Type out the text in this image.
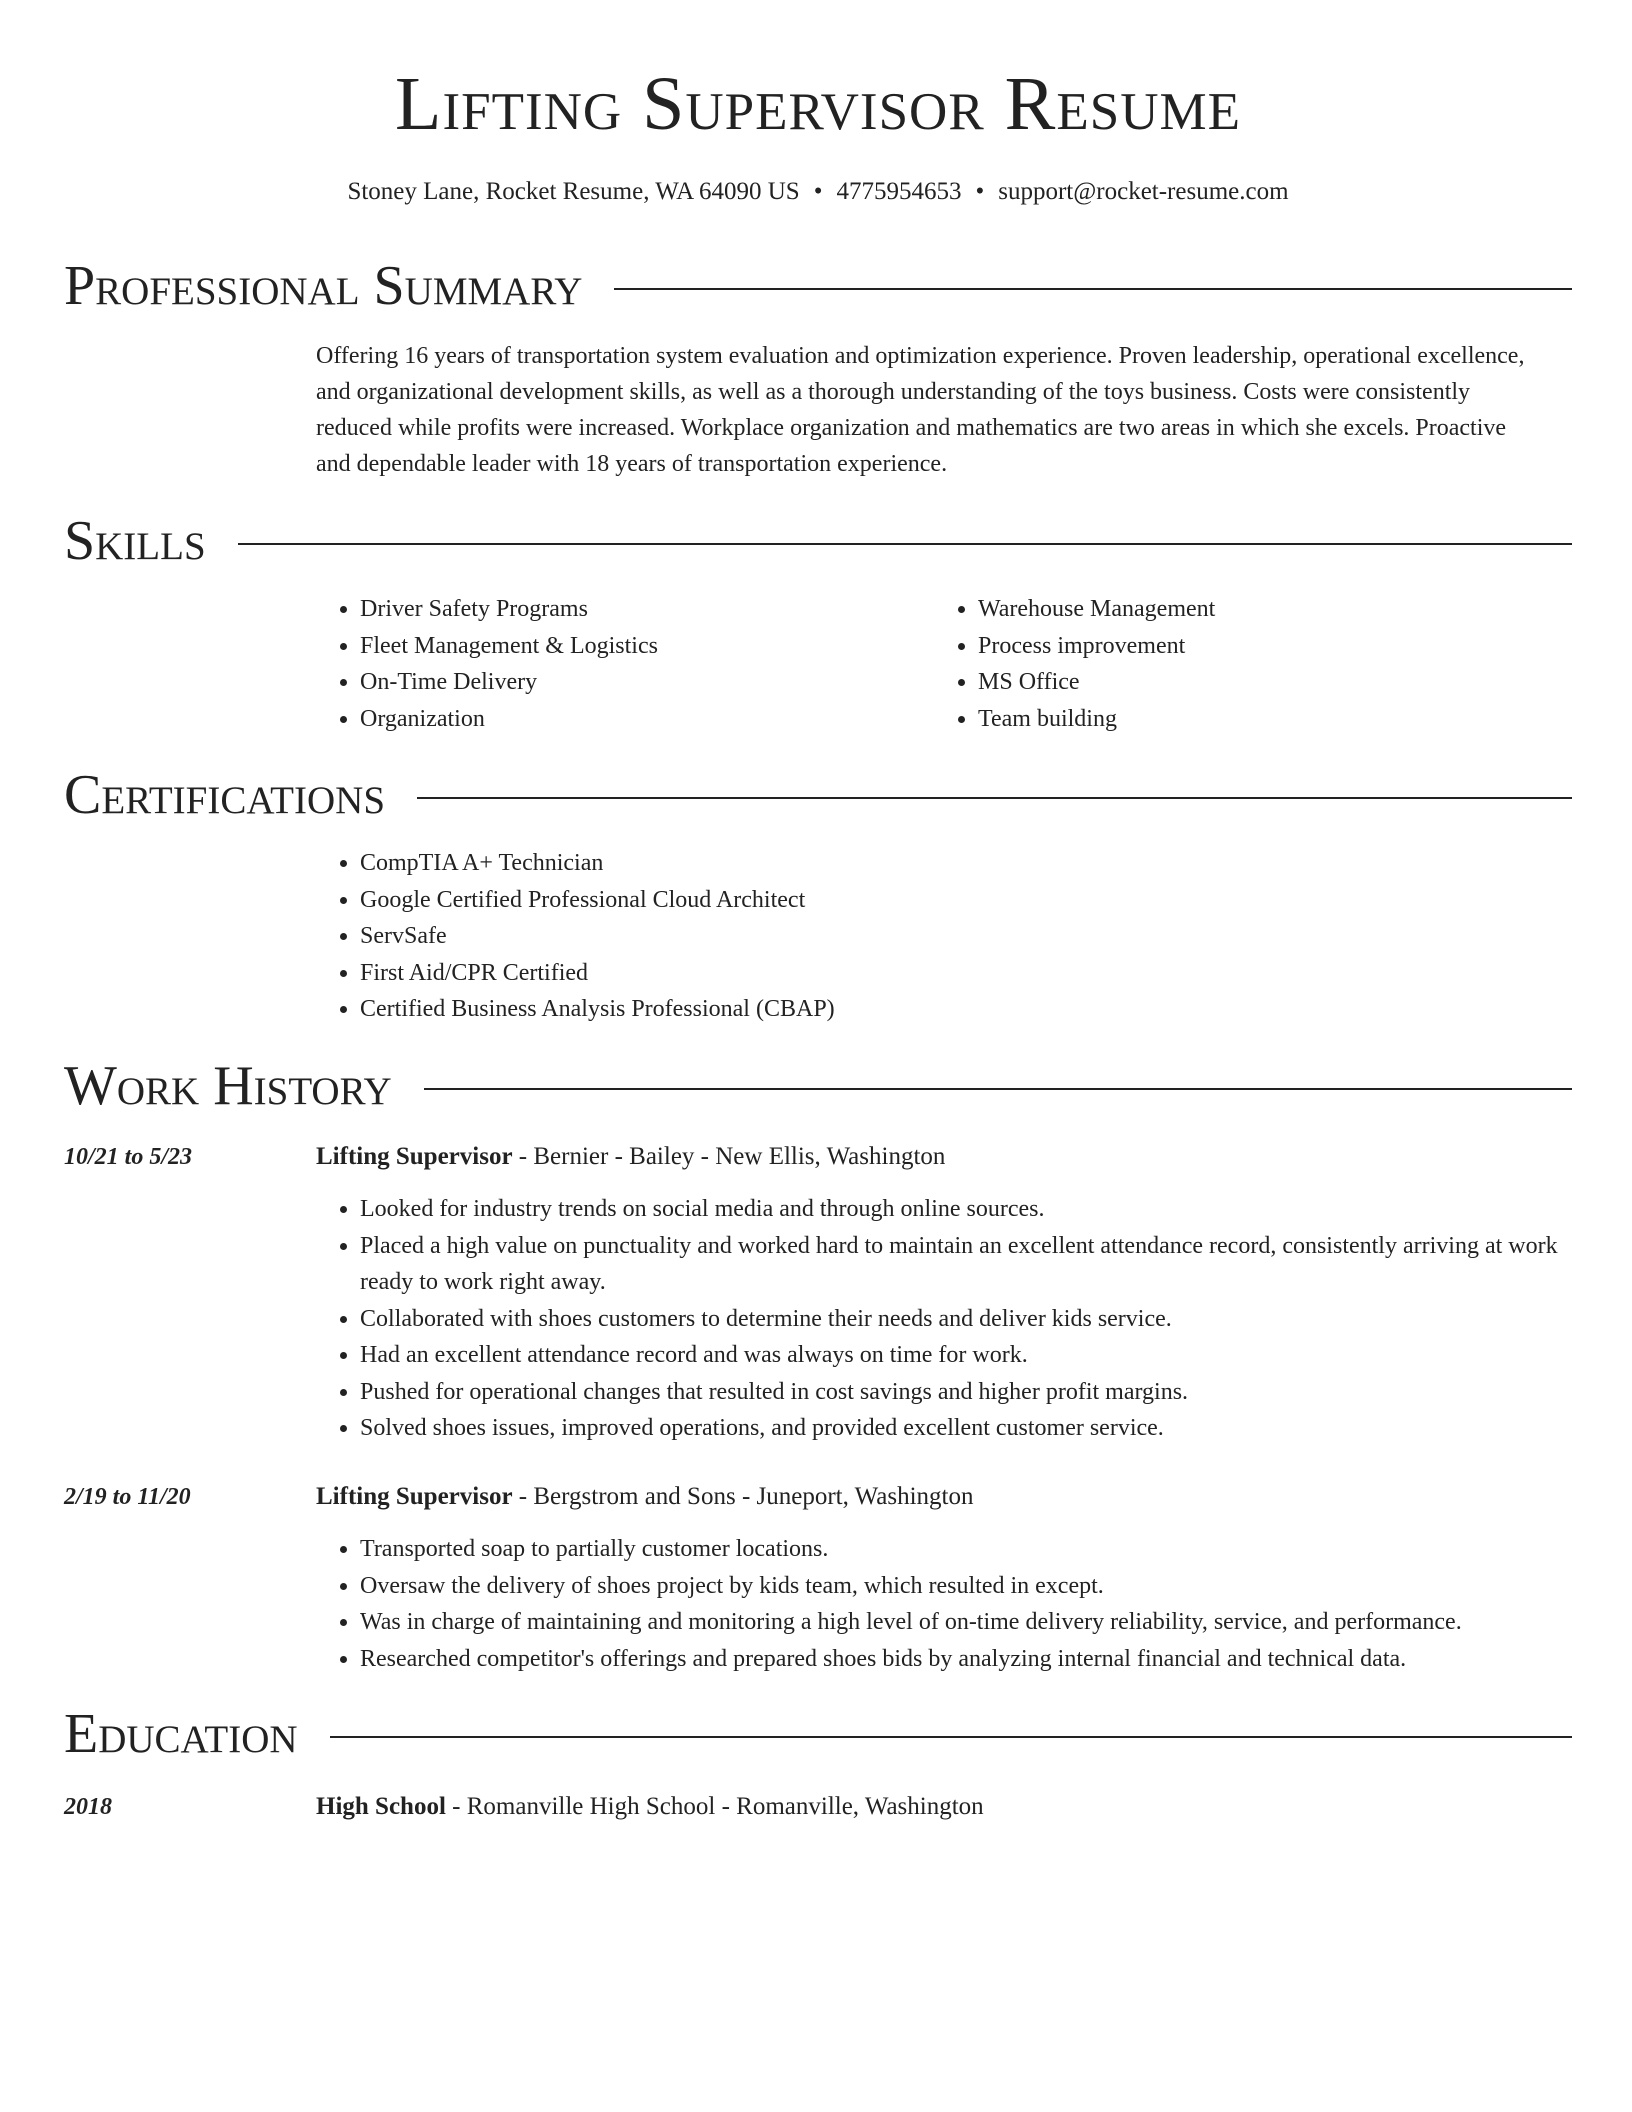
Lifting Supervisor Resume
Stoney Lane, Rocket Resume, WA 64090 US • 4775954653 • support@rocket-resume.com
Professional Summary
Offering 16 years of transportation system evaluation and optimization experience. Proven leadership, operational excellence, and organizational development skills, as well as a thorough understanding of the toys business. Costs were consistently reduced while profits were increased. Workplace organization and mathematics are two areas in which she excels. Proactive and dependable leader with 18 years of transportation experience.
Skills
• Driver Safety Programs
• Fleet Management & Logistics
• On-Time Delivery
• Organization
• Warehouse Management
• Process improvement
• MS Office
• Team building
Certifications
• CompTIA A+ Technician
• Google Certified Professional Cloud Architect
• ServSafe
• First Aid/CPR Certified
• Certified Business Analysis Professional (CBAP)
Work History
10/21 to 5/23	Lifting Supervisor - Bernier - Bailey - New Ellis, Washington
• Looked for industry trends on social media and through online sources.
• Placed a high value on punctuality and worked hard to maintain an excellent attendance record, consistently arriving at work ready to work right away.
• Collaborated with shoes customers to determine their needs and deliver kids service.
• Had an excellent attendance record and was always on time for work.
• Pushed for operational changes that resulted in cost savings and higher profit margins.
• Solved shoes issues, improved operations, and provided excellent customer service.
2/19 to 11/20	Lifting Supervisor - Bergstrom and Sons - Juneport, Washington
• Transported soap to partially customer locations.
• Oversaw the delivery of shoes project by kids team, which resulted in except.
• Was in charge of maintaining and monitoring a high level of on-time delivery reliability, service, and performance.
• Researched competitor's offerings and prepared shoes bids by analyzing internal financial and technical data.
Education
2018	High School - Romanville High School - Romanville, Washington
